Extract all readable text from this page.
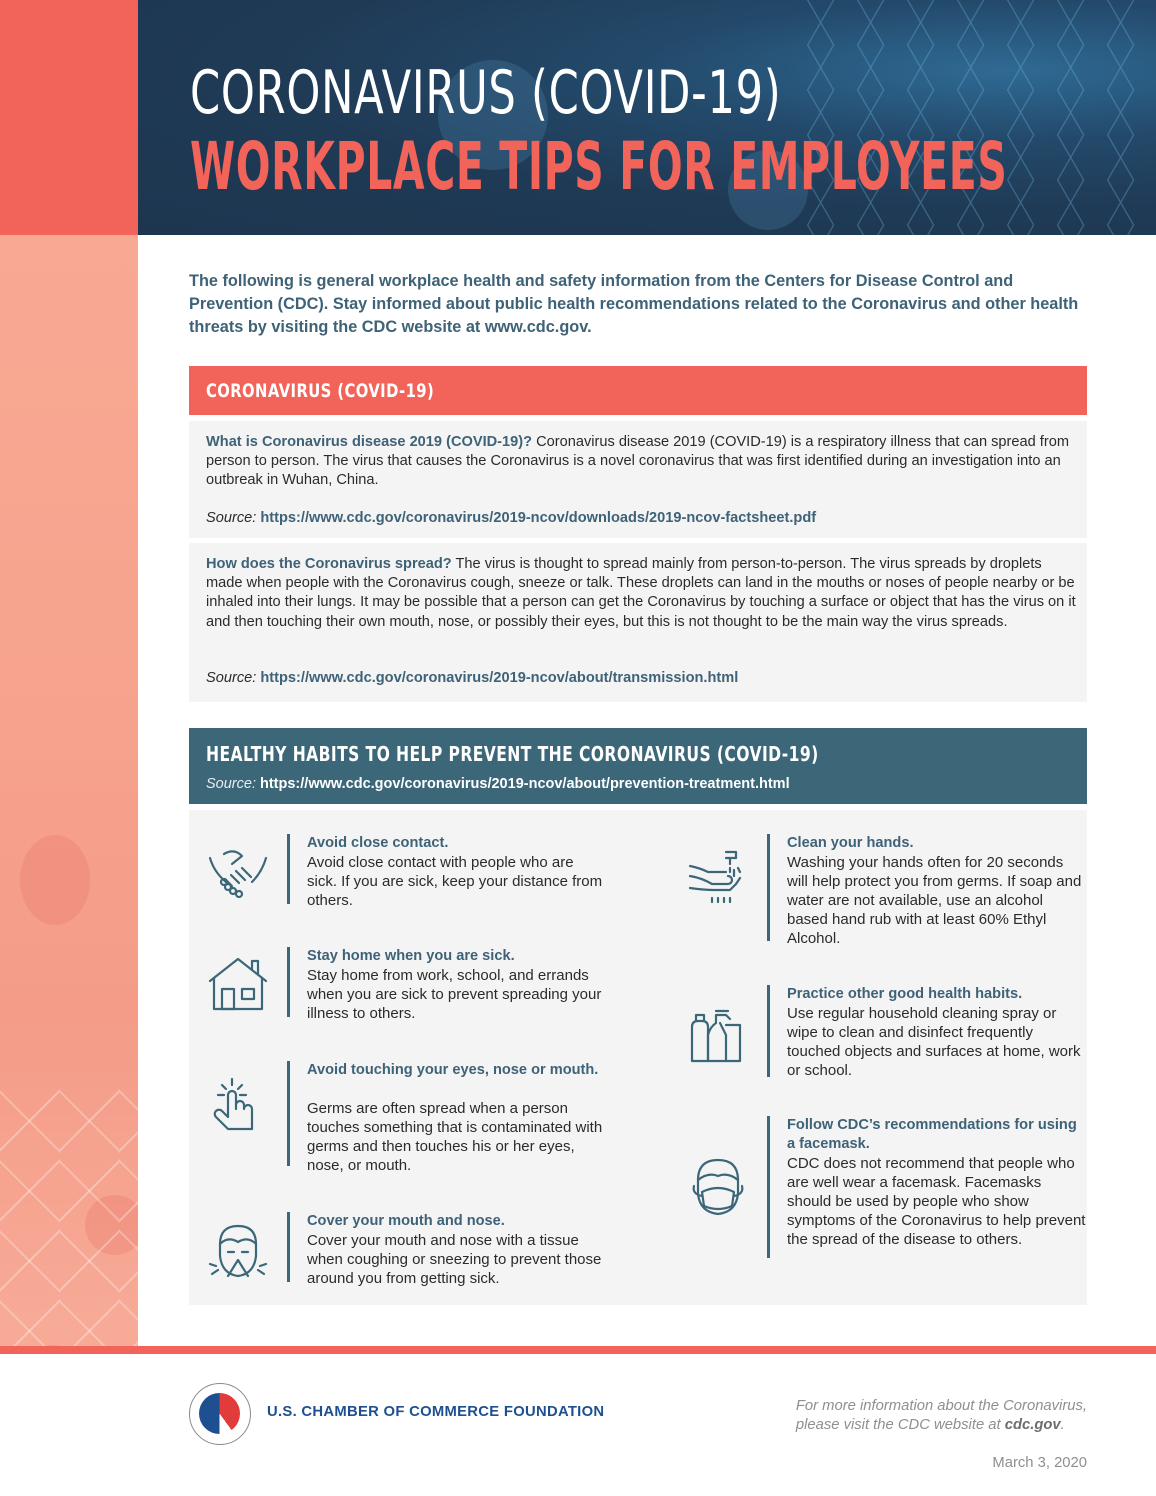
CORONAVIRUS (COVID-19)
WORKPLACE TIPS FOR EMPLOYEES

The following is general workplace health and safety information from the Centers for Disease Control and Prevention (CDC). Stay informed about public health recommendations related to the Coronavirus and other health threats by visiting the CDC website at www.cdc.gov.

CORONAVIRUS (COVID-19)

What is Coronavirus disease 2019 (COVID-19)? Coronavirus disease 2019 (COVID-19) is a respiratory illness that can spread from person to person. The virus that causes the Coronavirus is a novel coronavirus that was first identified during an investigation into an outbreak in Wuhan, China.

Source: https://www.cdc.gov/coronavirus/2019-ncov/downloads/2019-ncov-factsheet.pdf

How does the Coronavirus spread? The virus is thought to spread mainly from person-to-person. The virus spreads by droplets made when people with the Coronavirus cough, sneeze or talk. These droplets can land in the mouths or noses of people nearby or be inhaled into their lungs. It may be possible that a person can get the Coronavirus by touching a surface or object that has the virus on it and then touching their own mouth, nose, or possibly their eyes, but this is not thought to be the main way the virus spreads.

Source: https://www.cdc.gov/coronavirus/2019-ncov/about/transmission.html

HEALTHY HABITS TO HELP PREVENT THE CORONAVIRUS (COVID-19)

Source: https://www.cdc.gov/coronavirus/2019-ncov/about/prevention-treatment.html

Avoid close contact.
Avoid close contact with people who are sick. If you are sick, keep your distance from others.
Stay home when you are sick.
Stay home from work, school, and errands when you are sick to prevent spreading your illness to others.
Avoid touching your eyes, nose or mouth.
Germs are often spread when a person touches something that is contaminated with germs and then touches his or her eyes, nose, or mouth.
Cover your mouth and nose.
Cover your mouth and nose with a tissue when coughing or sneezing to prevent those around you from getting sick.
Clean your hands.
Washing your hands often for 20 seconds will help protect you from germs. If soap and water are not available, use an alcohol based hand rub with at least 60% Ethyl Alcohol.
Practice other good health habits.
Use regular household cleaning spray or wipe to clean and disinfect frequently touched objects and surfaces at home, work or school.
Follow CDC’s recommendations for using a facemask.
CDC does not recommend that people who are well wear a facemask. Facemasks should be used by people who show symptoms of the Coronavirus to help prevent the spread of the disease to others.
U.S. CHAMBER OF COMMERCE FOUNDATION	For more information about the Coronavirus,
please visit the CDC website at cdc.gov.

March 3, 2020
